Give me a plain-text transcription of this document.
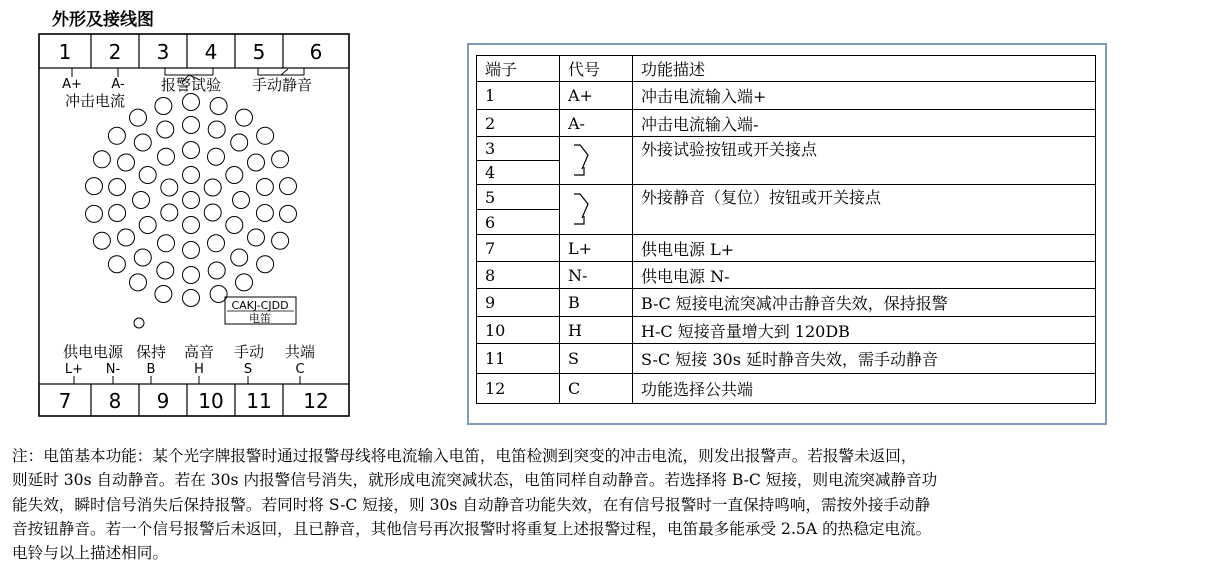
外形及接线图
1 2 3 4 5 6
7 8 9 10 11 12
A+ A-
冲击电流
报警试验 手动静音
CAKJ-CJDD
电笛
供电电源 保持 高音 手动 共端
L+ N- B	H	S	C
端子	代号	功能描述
1	A+	冲击电流输入端+
2	A-	冲击电流输入端-
3		外接试验按钮或开关接点
4		
5		外接静音（复位）按钮或开关接点
6		
7	L+	供电电源 L+
8	N-	供电电源 N-
9	B	B-C 短接电流突减冲击静音失效，保持报警
10	H	H-C 短接音量增大到 120DB
11	S	S-C 短接 30s 延时静音失效，需手动静音
12	C	功能选择公共端

注：电笛基本功能：某个光字牌报警时通过报警母线将电流输入电笛，电笛检测到突变的冲击电流，则发出报警声。若报警未返回，

则延时 30s 自动静音。若在 30s 内报警信号消失，就形成电流突减状态，电笛同样自动静音。若选择将 B-C 短接，则电流突减静音功

能失效，瞬时信号消失后保持报警。若同时将 S-C 短接，则 30s 自动静音功能失效，在有信号报警时一直保持鸣响，需按外接手动静

音按钮静音。若一个信号报警后未返回，且已静音，其他信号再次报警时将重复上述报警过程，电笛最多能承受 2.5A 的热稳定电流。

电铃与以上描述相同。
